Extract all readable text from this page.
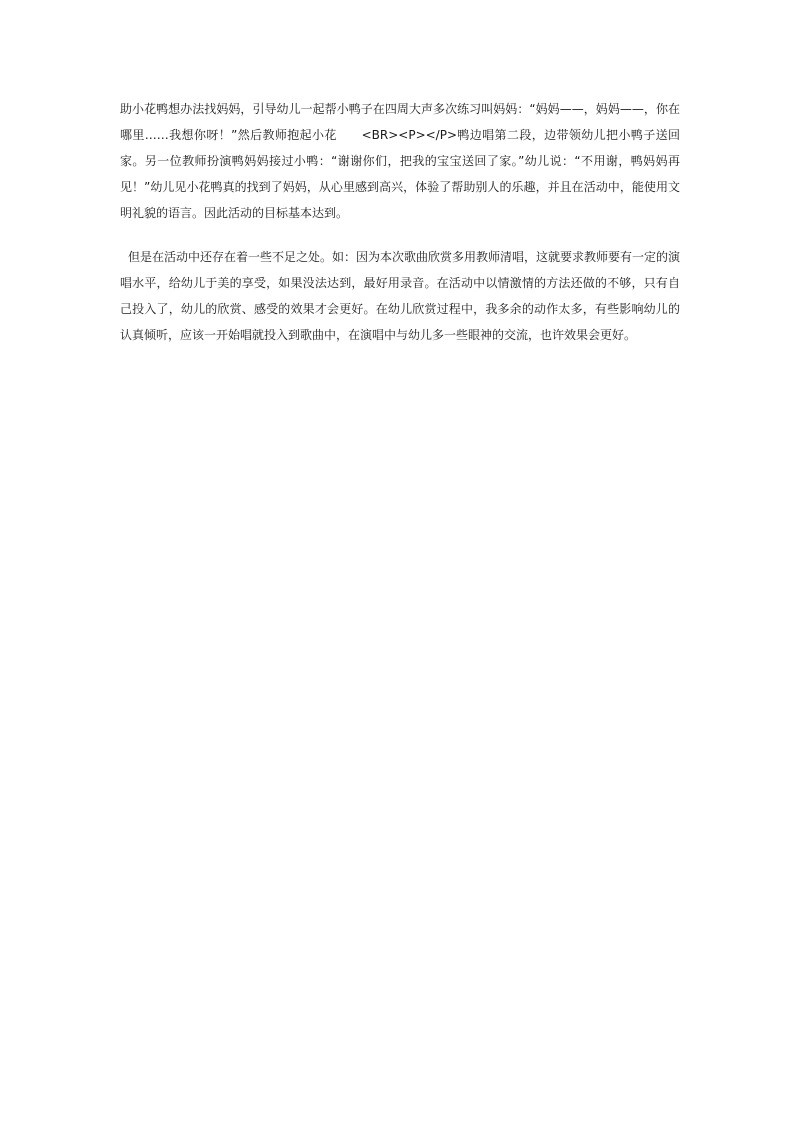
助小花鸭想办法找妈妈，引导幼儿一起帮小鸭子在四周大声多次练习叫妈妈：“妈妈——，妈妈——，你在哪里……我想你呀！”然后教师抱起小花　　<BR><P></P>鸭边唱第二段，边带领幼儿把小鸭子送回家。另一位教师扮演鸭妈妈接过小鸭：“谢谢你们，把我的宝宝送回了家。”幼儿说：“不用谢，鸭妈妈再见！”幼儿见小花鸭真的找到了妈妈，从心里感到高兴，体验了帮助别人的乐趣，并且在活动中，能使用文明礼貌的语言。因此活动的目标基本达到。

但是在活动中还存在着一些不足之处。如：因为本次歌曲欣赏多用教师清唱，这就要求教师要有一定的演唱水平，给幼儿于美的享受，如果没法达到，最好用录音。在活动中以情激情的方法还做的不够，只有自己投入了，幼儿的欣赏、感受的效果才会更好。在幼儿欣赏过程中，我多余的动作太多，有些影响幼儿的认真倾听，应该一开始唱就投入到歌曲中，在演唱中与幼儿多一些眼神的交流，也许效果会更好。
